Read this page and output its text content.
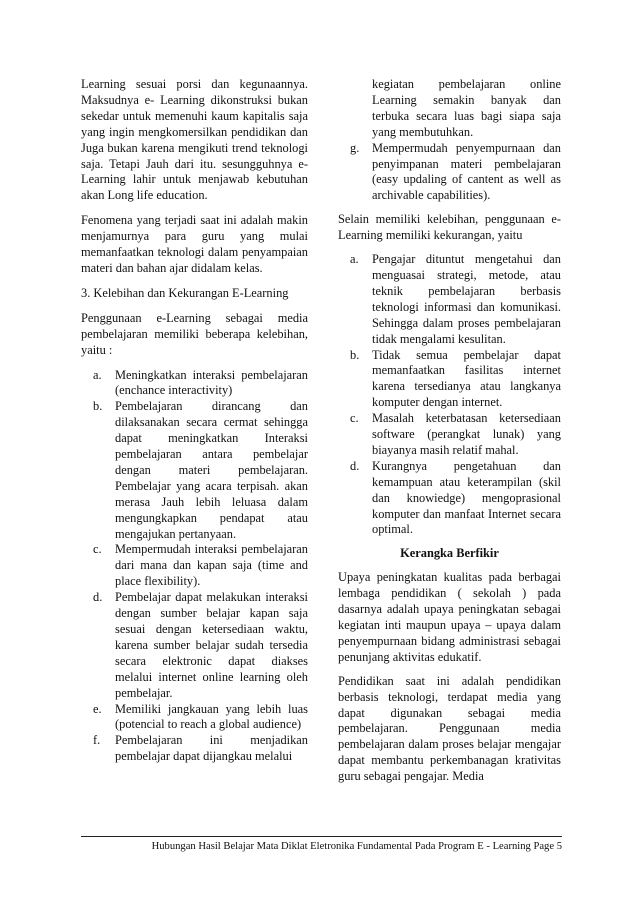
Learning sesuai porsi dan kegunaannya. Maksudnya e- Learning dikonstruksi bukan sekedar untuk memenuhi kaum kapitalis saja yang ingin mengkomersilkan pendidikan dan Juga bukan karena mengikuti trend teknologi saja. Tetapi Jauh dari itu. sesungguhnya e-Learning lahir untuk menjawab kebutuhan akan Long life education.

Fenomena yang terjadi saat ini adalah makin menjamurnya para guru yang mulai memanfaatkan teknologi dalam penyampaian materi dan bahan ajar didalam kelas.

3. Kelebihan dan Kekurangan E-Learning

Penggunaan e-Learning sebagai media pembelajaran memiliki beberapa kelebihan, yaitu :

a.	Meningkatkan interaksi pembelajaran (enchance interactivity)
b.	Pembelajaran dirancang dan dilaksanakan secara cermat sehingga dapat meningkatkan Interaksi pembelajaran antara pembelajar dengan materi pembelajaran. Pembelajar yang acara terpisah. akan merasa Jauh lebih leluasa dalam mengungkapkan pendapat atau mengajukan pertanyaan.
c.	Mempermudah interaksi pembelajaran dari mana dan kapan saja (time and place flexibility).
d.	Pembelajar dapat melakukan interaksi dengan sumber belajar kapan saja sesuai dengan ketersediaan waktu, karena sumber belajar sudah tersedia secara elektronic dapat diakses melalui internet online learning oleh pembelajar.
e.	Memiliki jangkauan yang lebih luas (potencial to reach a global audience)
f.	Pembelajaran ini menjadikan pembelajar dapat dijangkau melalui

kegiatan pembelajaran online Learning semakin banyak dan terbuka secara luas bagi siapa saja yang membutuhkan.

g.	Mempermudah penyempurnaan dan penyimpanan materi pembelajaran (easy updaling of cantent as well as archivable capabilities).

Selain memiliki kelebihan, penggunaan e-Learning memiliki kekurangan, yaitu

a.	Pengajar dituntut mengetahui dan menguasai strategi, metode, atau teknik pembelajaran berbasis teknologi informasi dan komunikasi. Sehingga dalam proses pembelajaran tidak mengalami kesulitan.
b.	Tidak semua pembelajar dapat memanfaatkan fasilitas internet karena tersedianya atau langkanya komputer dengan internet.
c.	Masalah keterbatasan ketersediaan software (perangkat lunak) yang biayanya masih relatif mahal.
d.	Kurangnya pengetahuan dan kemampuan atau keterampilan (skil dan knowiedge) mengoprasional komputer dan manfaat Internet secara optimal.

Kerangka Berfikir

Upaya peningkatan kualitas pada berbagai lembaga pendidikan ( sekolah ) pada dasarnya adalah upaya peningkatan sebagai kegiatan inti maupun upaya – upaya dalam penyempurnaan bidang administrasi sebagai penunjang aktivitas edukatif.

Pendidikan saat ini adalah pendidikan berbasis teknologi, terdapat media yang dapat digunakan sebagai media pembelajaran. Penggunaan media pembelajaran dalam proses belajar mengajar dapat membantu perkembanagan krativitas guru sebagai pengajar. Media

Hubungan Hasil Belajar Mata Diklat Eletronika Fundamental Pada Program E - Learning Page 5
